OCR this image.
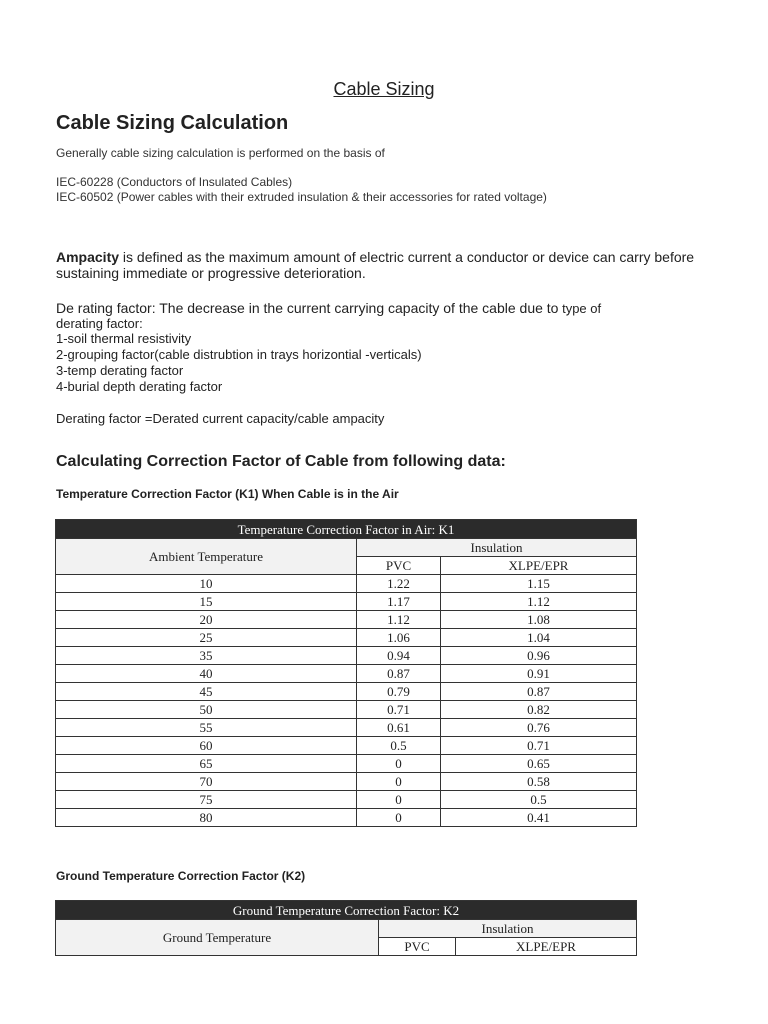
Cable Sizing
Cable Sizing Calculation
Generally cable sizing calculation is performed on the basis of
IEC-60228 (Conductors of Insulated Cables)
IEC-60502 (Power cables with their extruded insulation & their accessories for rated voltage)
Ampacity is defined as the maximum amount of electric current a conductor or device can carry before sustaining immediate or progressive deterioration.
De rating factor: The decrease in the current carrying capacity of the cable due to type of
derating factor:
1-soil thermal resistivity
2-grouping factor(cable distrubtion in trays horizontial -verticals)
3-temp derating factor
4-burial depth derating factor
Derating factor =Derated current capacity/cable ampacity
Calculating Correction Factor of Cable from following data:
Temperature Correction Factor (K1) When Cable is in the Air
Temperature Correction Factor in Air: K1		
Ambient Temperature	Insulation	
	PVC	XLPE/EPR
10	1.22	1.15
15	1.17	1.12
20	1.12	1.08
25	1.06	1.04
35	0.94	0.96
40	0.87	0.91
45	0.79	0.87
50	0.71	0.82
55	0.61	0.76
60	0.5	0.71
65	0	0.65
70	0	0.58
75	0	0.5
80	0	0.41
Ground Temperature Correction Factor (K2)
Ground Temperature Correction Factor: K2		
Ground Temperature	Insulation	
	PVC	XLPE/EPR
